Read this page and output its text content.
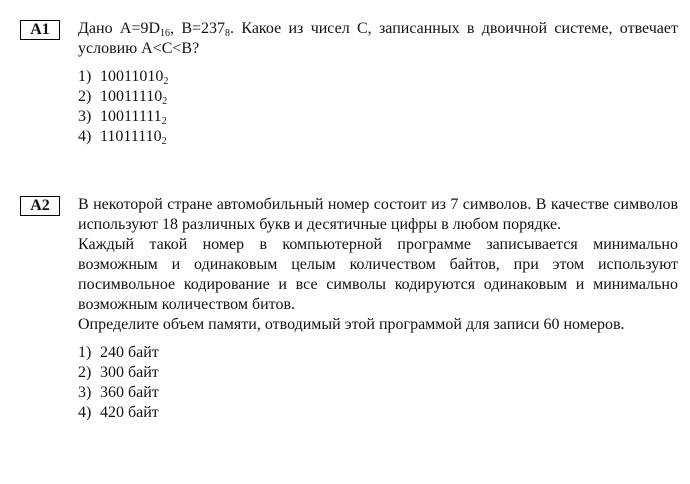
A1	Дано $A=9D_{16}$, $B=237_8$. Какое из чисел C, записанных в двоичной системе, отвечает условию A<C<B?

1) $10011010_2$
2) $10011110_2$
3) $10011111_2$
4) $11011110_2$
A2	В некоторой стране автомобильный номер состоит из 7 символов. В качестве символов используют 18 различных букв и десятичные цифры в любом порядке.

Каждый такой номер в компьютерной программе записывается минимально возможным и одинаковым целым количеством байтов, при этом используют посимвольное кодирование и все символы кодируются одинаковым и минимально возможным количеством битов.

Определите объем памяти, отводимый этой программой для записи 60 номеров.

1) 240 байт
2) 300 байт
3) 360 байт
4) 420 байт
